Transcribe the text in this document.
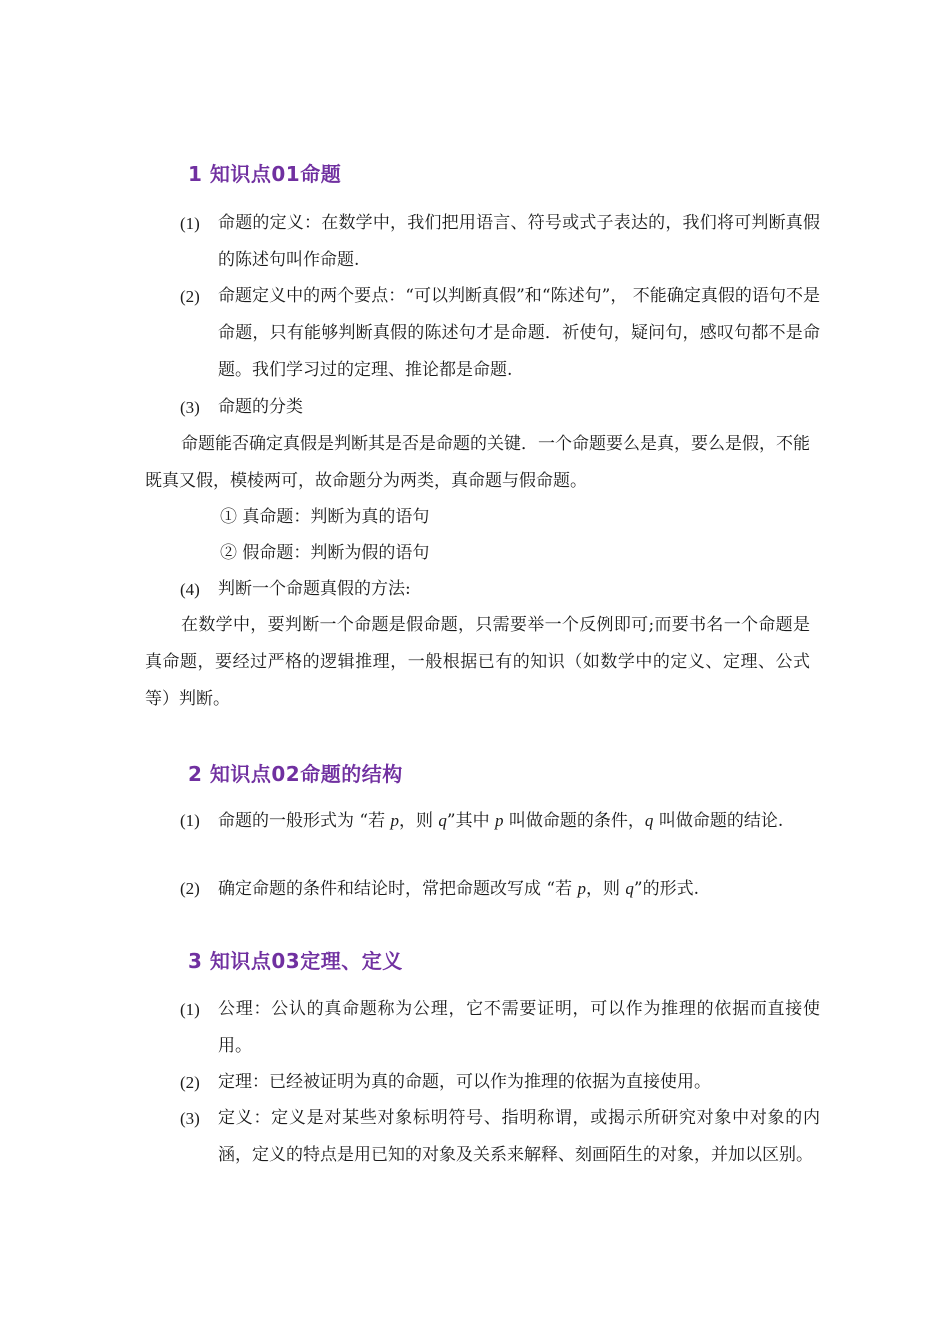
1 知识点01命题
(1)	命题的定义：在数学中，我们把用语言、符号或式子表达的，我们将可判断真假的陈述句叫作命题.
(2)	命题定义中的两个要点：“可以判断真假”和“陈述句”， 不能确定真假的语句不是命题，只有能够判断真假的陈述句才是命题．祈使句，疑问句，感叹句都不是命题。我们学习过的定理、推论都是命题.
(3)	命题的分类
命题能否确定真假是判断其是否是命题的关键．一个命题要么是真，要么是假，不能既真又假，模棱两可，故命题分为两类，真命题与假命题。
① 真命题：判断为真的语句
② 假命题：判断为假的语句
(4)	判断一个命题真假的方法:
在数学中，要判断一个命题是假命题，只需要举一个反例即可;而要书名一个命题是真命题，要经过严格的逻辑推理，一般根据已有的知识（如数学中的定义、定理、公式等）判断。
2 知识点02命题的结构
(1)	命题的一般形式为 “若 p，则 q”其中 p 叫做命题的条件，q 叫做命题的结论.
(2)	确定命题的条件和结论时，常把命题改写成 “若 p，则 q”的形式.
3 知识点03定理、定义
(1)	公理：公认的真命题称为公理，它不需要证明，可以作为推理的依据而直接使用。
(2)	定理：已经被证明为真的命题，可以作为推理的依据为直接使用。
(3)	定义：定义是对某些对象标明符号、指明称谓，或揭示所研究对象中对象的内涵，定义的特点是用已知的对象及关系来解释、刻画陌生的对象，并加以区别。
